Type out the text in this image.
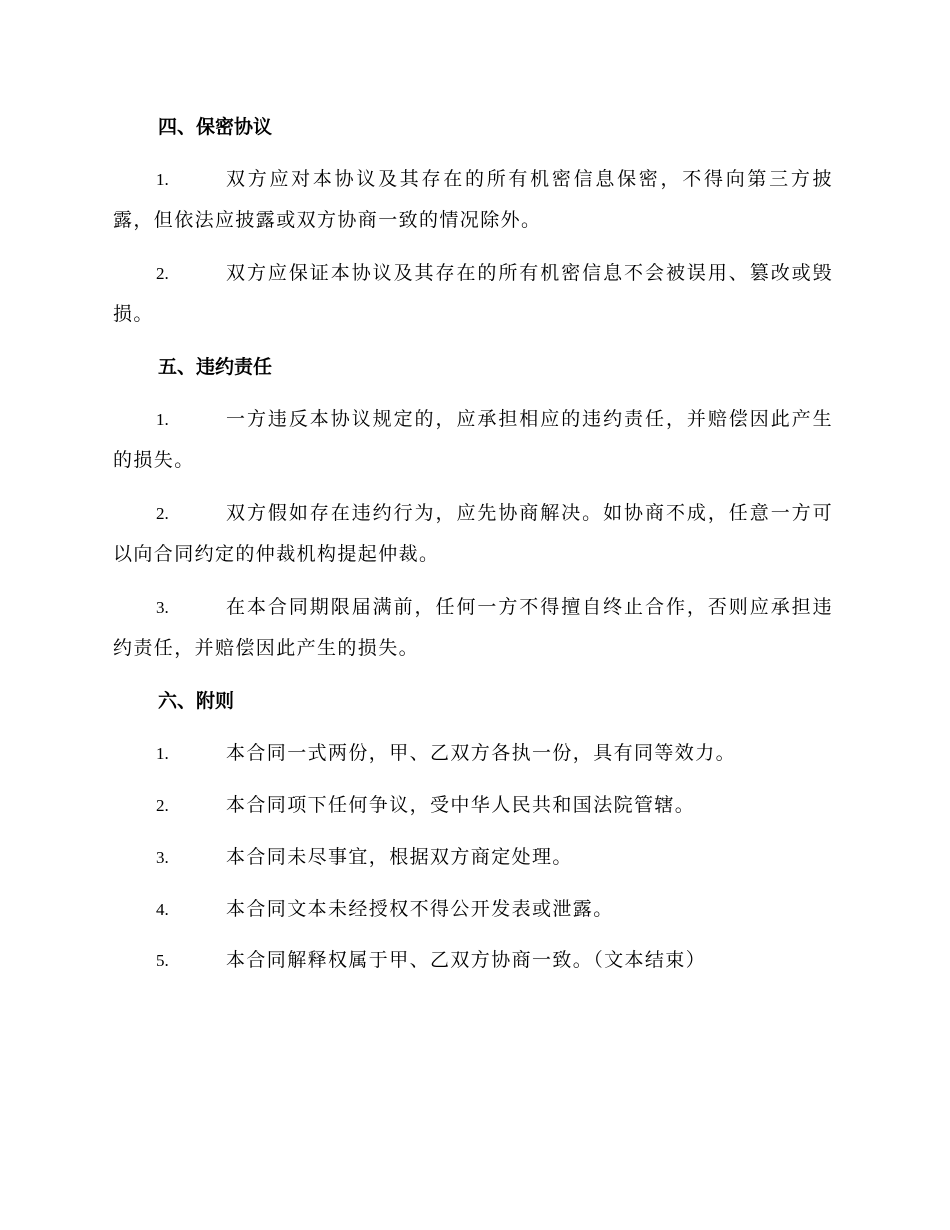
四、保密协议
1.	双方应对本协议及其存在的所有机密信息保密，不得向第三方披露，但依法应披露或双方协商一致的情况除外。
2.	双方应保证本协议及其存在的所有机密信息不会被误用、篡改或毁损。
五、违约责任
1.	一方违反本协议规定的，应承担相应的违约责任，并赔偿因此产生的损失。
2.	双方假如存在违约行为，应先协商解决。如协商不成，任意一方可以向合同约定的仲裁机构提起仲裁。
3.	在本合同期限届满前，任何一方不得擅自终止合作，否则应承担违约责任，并赔偿因此产生的损失。
六、附则
1.	本合同一式两份，甲、乙双方各执一份，具有同等效力。
2.	本合同项下任何争议，受中华人民共和国法院管辖。
3.	本合同未尽事宜，根据双方商定处理。
4.	本合同文本未经授权不得公开发表或泄露。
5.	本合同解释权属于甲、乙双方协商一致。（文本结束）
